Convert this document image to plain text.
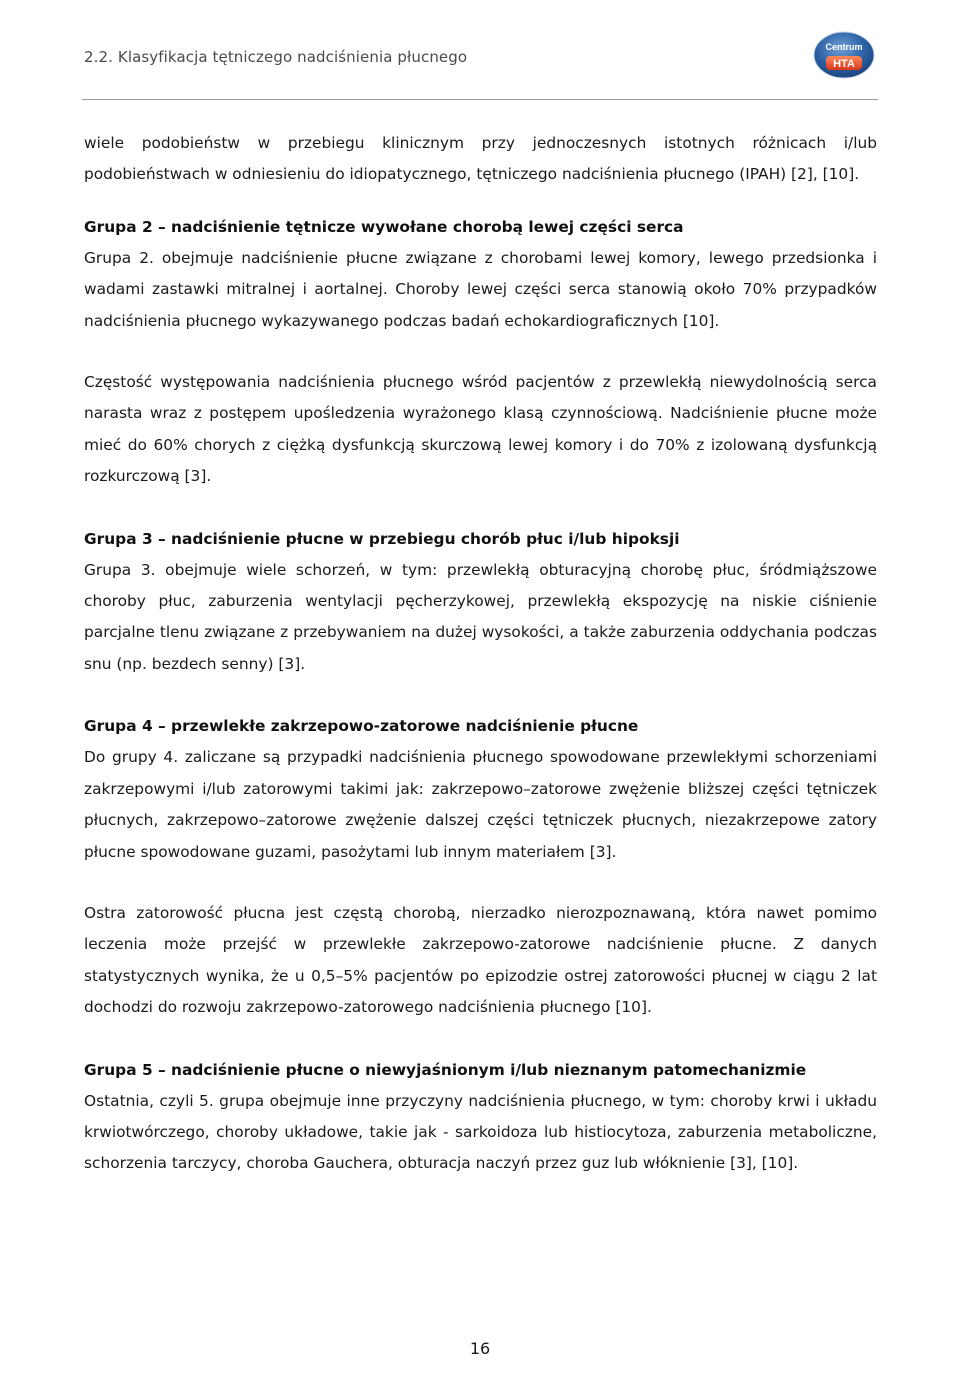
2.2. Klasyfikacja tętniczego nadciśnienia płucnego
Centrum
HTA

wiele podobieństw w przebiegu klinicznym przy jednoczesnych istotnych różnicach i/lub podobieństwach w odniesieniu do idiopatycznego, tętniczego nadciśnienia płucnego (IPAH) [2], [10].

Grupa 2 – nadciśnienie tętnicze wywołane chorobą lewej części serca

Grupa 2. obejmuje nadciśnienie płucne związane z chorobami lewej komory, lewego przedsionka i wadami zastawki mitralnej i aortalnej. Choroby lewej części serca stanowią około 70% przypadków nadciśnienia płucnego wykazywanego podczas badań echokardiograficznych [10].

Częstość występowania nadciśnienia płucnego wśród pacjentów z przewlekłą niewydolnością serca narasta wraz z postępem upośledzenia wyrażonego klasą czynnościową. Nadciśnienie płucne może mieć do 60% chorych z ciężką dysfunkcją skurczową lewej komory i do 70% z izolowaną dysfunkcją rozkurczową [3].

Grupa 3 – nadciśnienie płucne w przebiegu chorób płuc i/lub hipoksji

Grupa 3. obejmuje wiele schorzeń, w tym: przewlekłą obturacyjną chorobę płuc, śródmiąższowe choroby płuc, zaburzenia wentylacji pęcherzykowej, przewlekłą ekspozycję na niskie ciśnienie parcjalne tlenu związane z przebywaniem na dużej wysokości, a także zaburzenia oddychania podczas snu (np. bezdech senny) [3].

Grupa 4 – przewlekłe zakrzepowo-zatorowe nadciśnienie płucne

Do grupy 4. zaliczane są przypadki nadciśnienia płucnego spowodowane przewlekłymi schorzeniami zakrzepowymi i/lub zatorowymi takimi jak: zakrzepowo–zatorowe zwężenie bliższej części tętniczek płucnych, zakrzepowo–zatorowe zwężenie dalszej części tętniczek płucnych, niezakrzepowe zatory płucne spowodowane guzami, pasożytami lub innym materiałem [3].

Ostra zatorowość płucna jest częstą chorobą, nierzadko nierozpoznawaną, która nawet pomimo leczenia może przejść w przewlekłe zakrzepowo-zatorowe nadciśnienie płucne. Z danych statystycznych wynika, że u 0,5–5% pacjentów po epizodzie ostrej zatorowości płucnej w ciągu 2 lat dochodzi do rozwoju zakrzepowo-zatorowego nadciśnienia płucnego [10].

Grupa 5 – nadciśnienie płucne o niewyjaśnionym i/lub nieznanym patomechanizmie

Ostatnia, czyli 5. grupa obejmuje inne przyczyny nadciśnienia płucnego, w tym: choroby krwi i układu krwiotwórczego, choroby układowe, takie jak - sarkoidoza lub histiocytoza, zaburzenia metaboliczne, schorzenia tarczycy, choroba Gauchera, obturacja naczyń przez guz lub włóknienie [3], [10].

16
